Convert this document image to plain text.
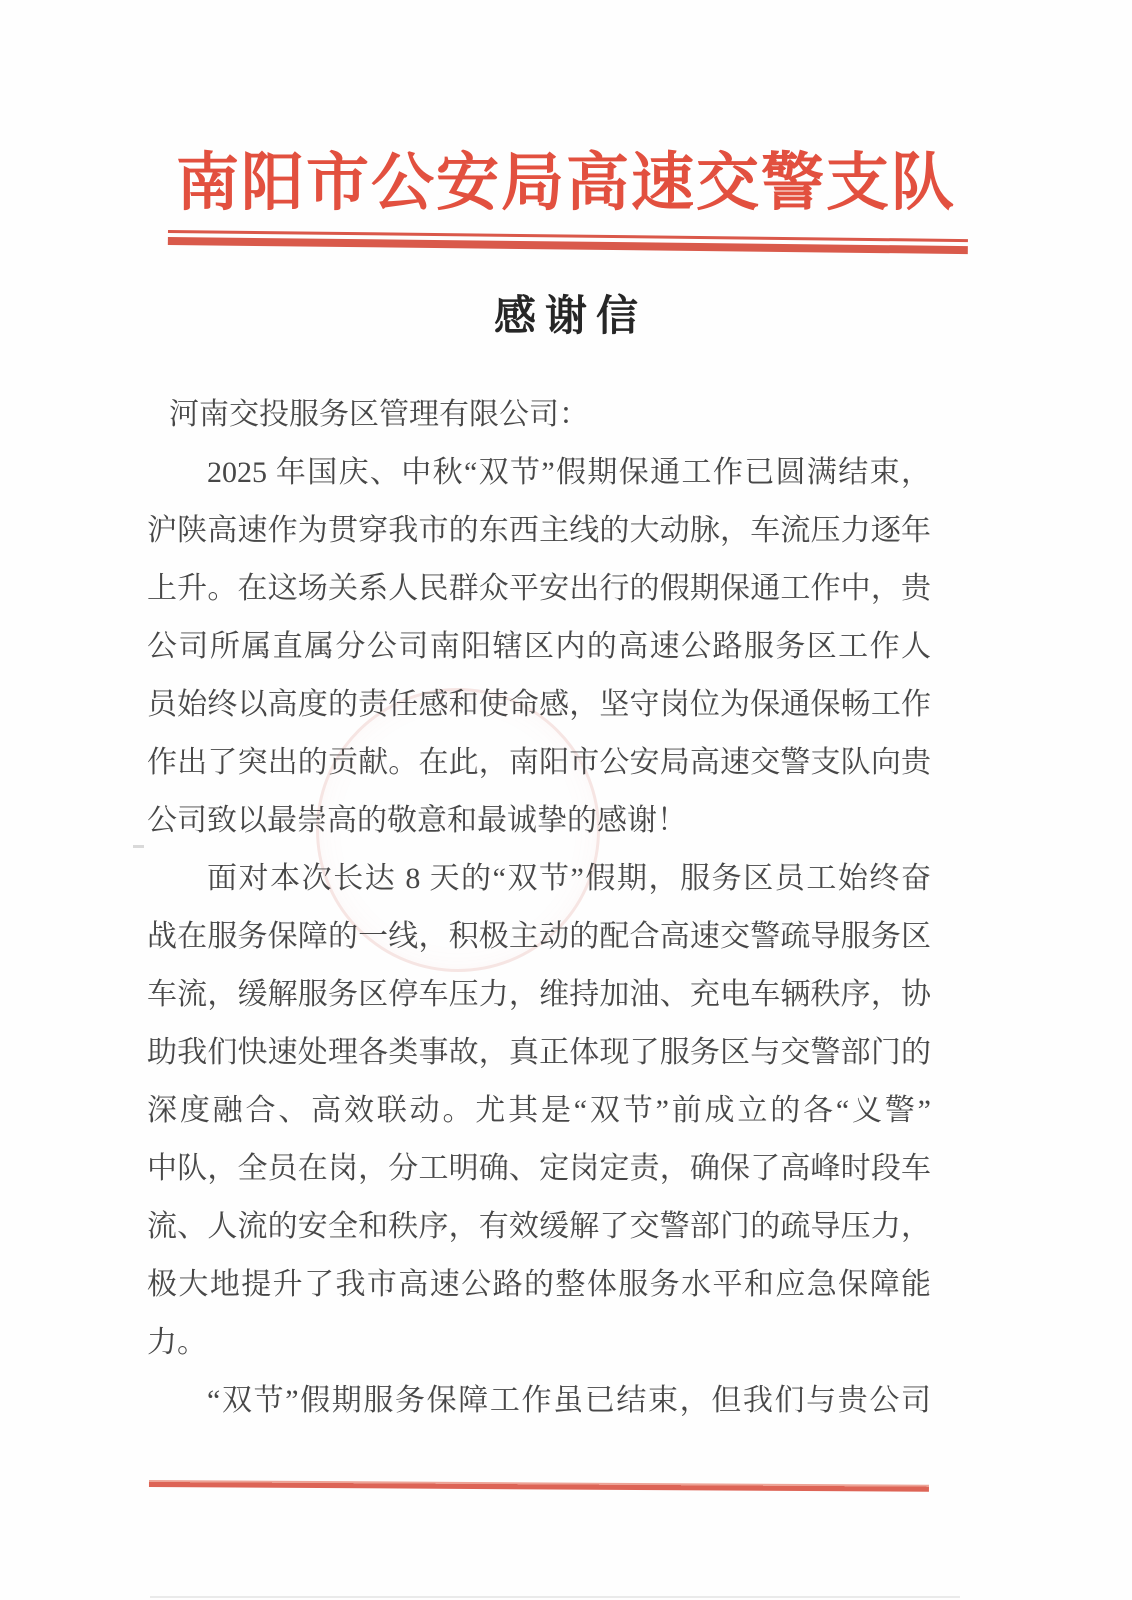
南阳市公安局高速交警支队
感谢信
河南交投服务区管理有限公司：
2025 年国庆、中秋“双节”假期保通工作已圆满结束，
沪陕高速作为贯穿我市的东西主线的大动脉，车流压力逐年
上升。在这场关系人民群众平安出行的假期保通工作中，贵
公司所属直属分公司南阳辖区内的高速公路服务区工作人
员始终以高度的责任感和使命感，坚守岗位为保通保畅工作
作出了突出的贡献。在此，南阳市公安局高速交警支队向贵
公司致以最崇高的敬意和最诚挚的感谢！
面对本次长达 8 天的“双节”假期，服务区员工始终奋
战在服务保障的一线，积极主动的配合高速交警疏导服务区
车流，缓解服务区停车压力，维持加油、充电车辆秩序，协
助我们快速处理各类事故，真正体现了服务区与交警部门的
深度融合、高效联动。尤其是“双节”前成立的各“义警”
中队，全员在岗，分工明确、定岗定责，确保了高峰时段车
流、人流的安全和秩序，有效缓解了交警部门的疏导压力，
极大地提升了我市高速公路的整体服务水平和应急保障能
力。
“双节”假期服务保障工作虽已结束，但我们与贵公司
